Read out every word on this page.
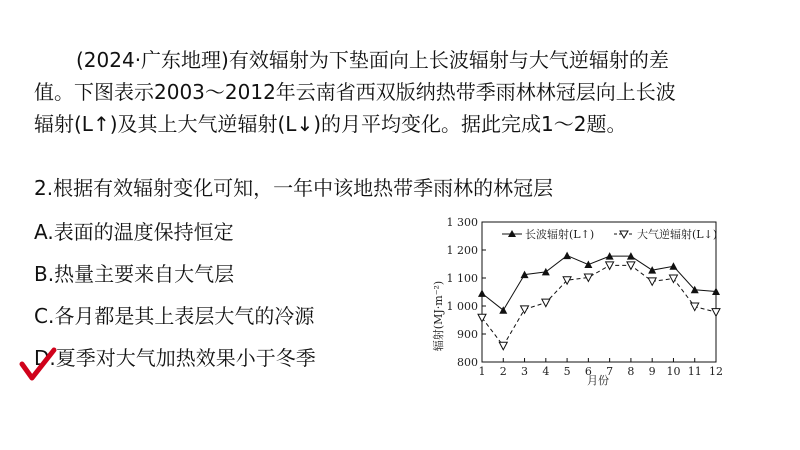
(2024·广东地理)有效辐射为下垫面向上长波辐射与大气逆辐射的差

值。下图表示2003～2012年云南省西双版纳热带季雨林林冠层向上长波

辐射(L↑)及其上大气逆辐射(L↓)的月平均变化。据此完成1～2题。

2.根据有效辐射变化可知，一年中该地热带季雨林的林冠层
A.表面的温度保持恒定
B.热量主要来自大气层
C.各月都是其上表层大气的冷源
D.夏季对大气加热效果小于冬季	800
900
1 000
1 100
1 200
1 300
1 2 3 4 5 6 7 8 9 10 11 12
辐射(MJ·m⁻²)
月份
长波辐射(L↑)	大气逆辐射(L↓)
